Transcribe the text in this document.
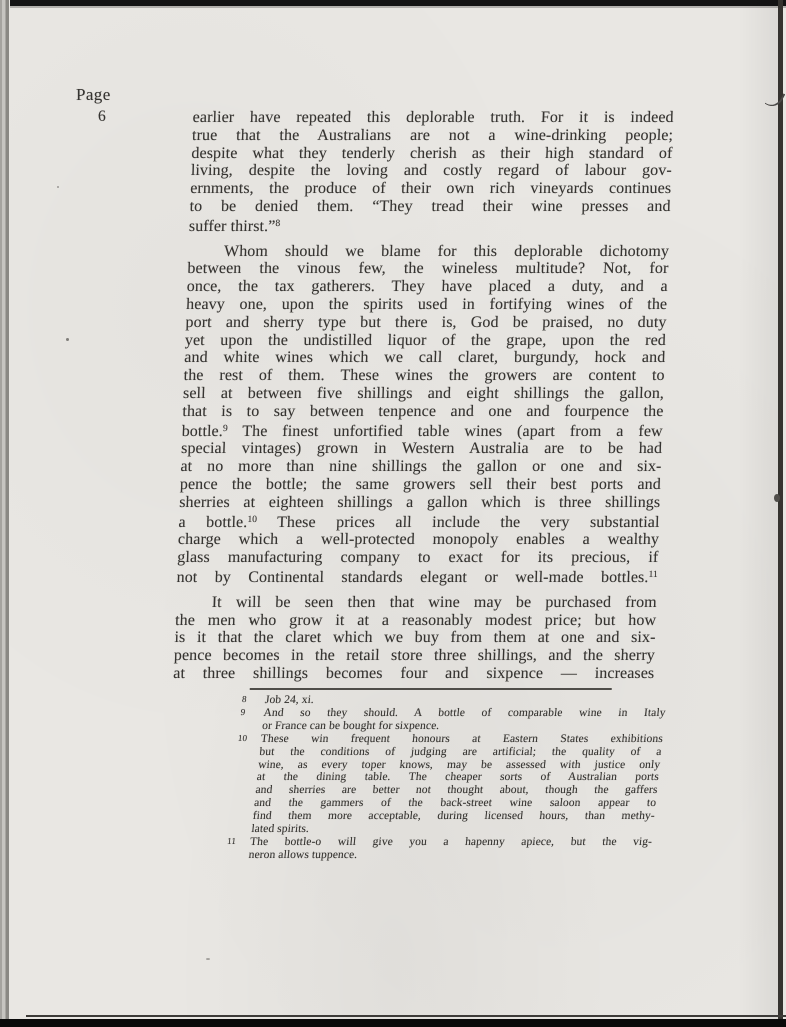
Page
6	earlier have repeated this deplorable truth. For it is indeed
true that the Australians are not a wine-drinking people;
despite what they tenderly cherish as their high standard of
living, despite the loving and costly regard of labour gov-
ernments, the produce of their own rich vineyards continues
to be denied them. “They tread their wine presses and
suffer thirst.”$^8$
Whom should we blame for this deplorable dichotomy
between the vinous few, the wineless multitude? Not, for
once, the tax gatherers. They have placed a duty, and a
heavy one, upon the spirits used in fortifying wines of the
port and sherry type but there is, God be praised, no duty
yet upon the undistilled liquor of the grape, upon the red
and white wines which we call claret, burgundy, hock and
the rest of them. These wines the growers are content to
sell at between five shillings and eight shillings the gallon,
that is to say between tenpence and one and fourpence the
bottle.$^9$ The finest unfortified table wines (apart from a few
special vintages) grown in Western Australia are to be had
at no more than nine shillings the gallon or one and six-
pence the bottle; the same growers sell their best ports and
sherries at eighteen shillings a gallon which is three shillings
a bottle.$^{10}$ These prices all include the very substantial
charge which a well-protected monopoly enables a wealthy
glass manufacturing company to exact for its precious, if
not by Continental standards elegant or well-made bottles.$^{11}$
It will be seen then that wine may be purchased from
the men who grow it at a reasonably modest price; but how
is it that the claret which we buy from them at one and six-
pence becomes in the retail store three shillings, and the sherry
at three shillings becomes four and sixpence — increases
8	Job 24, xi.
9	And so they should. A bottle of comparable wine in Italy
or France can be bought for sixpence.
10	These win frequent honours at Eastern States exhibitions
but the conditions of judging are artificial; the quality of a
wine, as every toper knows, may be assessed with justice only
at the dining table. The cheaper sorts of Australian ports
and sherries are better not thought about, though the gaffers
and the gammers of the back-street wine saloon appear to
find them more acceptable, during licensed hours, than methy-
lated spirits.
11	The bottle-o will give you a hapenny apiece, but the vig-
neron allows tuppence.
